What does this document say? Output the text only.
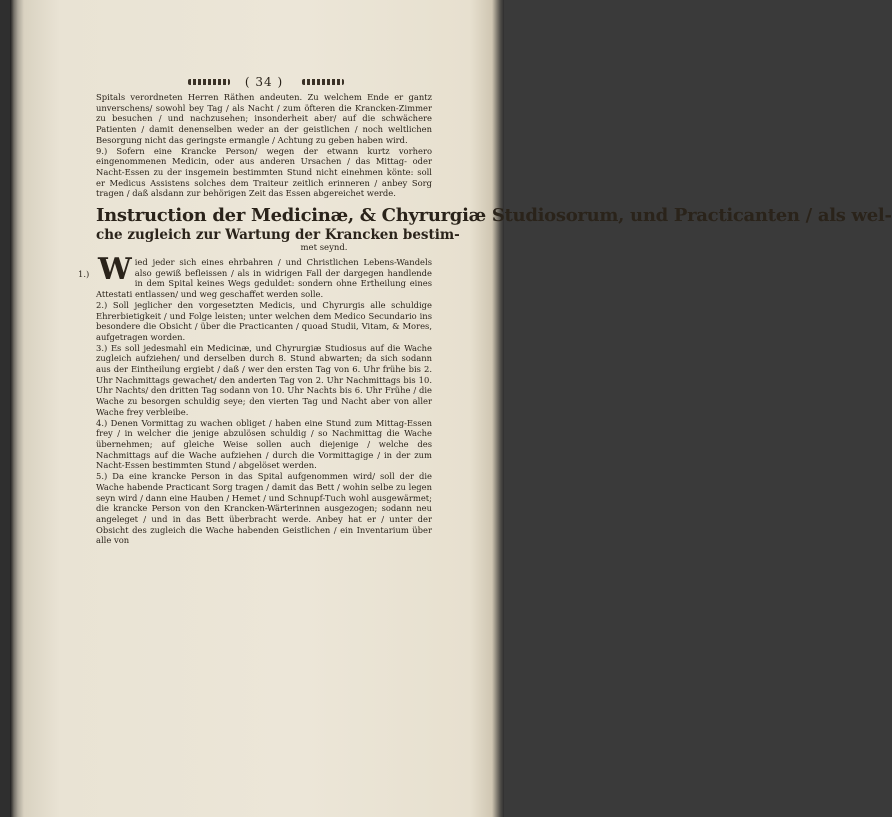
( 34 )

Spitals verordneten Herren Räthen andeuten. Zu welchem Ende er gantz unverschens/ sowohl bey Tag / als Nacht / zum öfteren die Krancken-Zimmer zu besuchen / und nachzusehen; insonderheit aber/ auf die schwächere Patienten / damit denenselben weder an der geistlichen / noch weltlichen Besorgung nicht das geringste ermangle / Achtung zu geben haben wird.

9.) Sofern eine Krancke Person/ wegen der etwann kurtz vorhero eingenommenen Medicin, oder aus anderen Ursachen / das Mittag- oder Nacht-Essen zu der insgemein bestimmten Stund nicht einehmen könte: soll er Medicus Assistens solches dem Traiteur zeitlich erinneren / anbey Sorg tragen / daß alsdann zur behörigen Zeit das Essen abgereichet werde.

Instruction der Medicinæ, & Chyrurgiæ Studiosorum, und Practicanten / als wel-
che zugleich zur Wartung der Krancken bestim-
met seynd.

1.) W ied jeder sich eines ehrbahren / und Christlichen Lebens-Wandels also gewiß befleissen / als in widrigen Fall der dargegen handlende in dem Spital keines Wegs geduldet: sondern ohne Ertheilung eines Attestati entlassen/ und weg geschaffet werden solle.

2.) Soll jeglicher den vorgesetzten Medicis, und Chyrurgis alle schuldige Ehrerbietigkeit / und Folge leisten; unter welchen dem Medico Secundario ins besondere die Obsicht / über die Practicanten / quoad Studii, Vitam, & Mores, aufgetragen worden.

3.) Es soll jedesmahl ein Medicinæ, und Chyrurgiæ Studiosus auf die Wache zugleich aufziehen/ und derselben durch 8. Stund abwarten; da sich sodann aus der Eintheilung ergiebt / daß / wer den ersten Tag von 6. Uhr frühe bis 2. Uhr Nachmittags gewachet/ den anderten Tag von 2. Uhr Nachmittags bis 10. Uhr Nachts/ den dritten Tag sodann von 10. Uhr Nachts bis 6. Uhr Frühe / die Wache zu besorgen schuldig seye; den vierten Tag und Nacht aber von aller Wache frey verbleibe.

4.) Denen Vormittag zu wachen obliget / haben eine Stund zum Mittag-Essen frey / in welcher die jenige abzulösen schuldig / so Nachmittag die Wache übernehmen; auf gleiche Weise sollen auch diejenige / welche des Nachmittags auf die Wache aufziehen / durch die Vormittagige / in der zum Nacht-Essen bestimmten Stund / abgelöset werden.

5.) Da eine krancke Person in das Spital aufgenommen wird/ soll der die Wache habende Practicant Sorg tragen / damit das Bett / wohin selbe zu legen seyn wird / dann eine Hauben / Hemet / und Schnupf-Tuch wohl ausgewärmet; die krancke Person von den Krancken-Wärterinnen ausgezogen; sodann neu angeleget / und in das Bett überbracht werde. Anbey hat er / unter der Obsicht des zugleich die Wache habenden Geistlichen / ein Inventarium über alle von
